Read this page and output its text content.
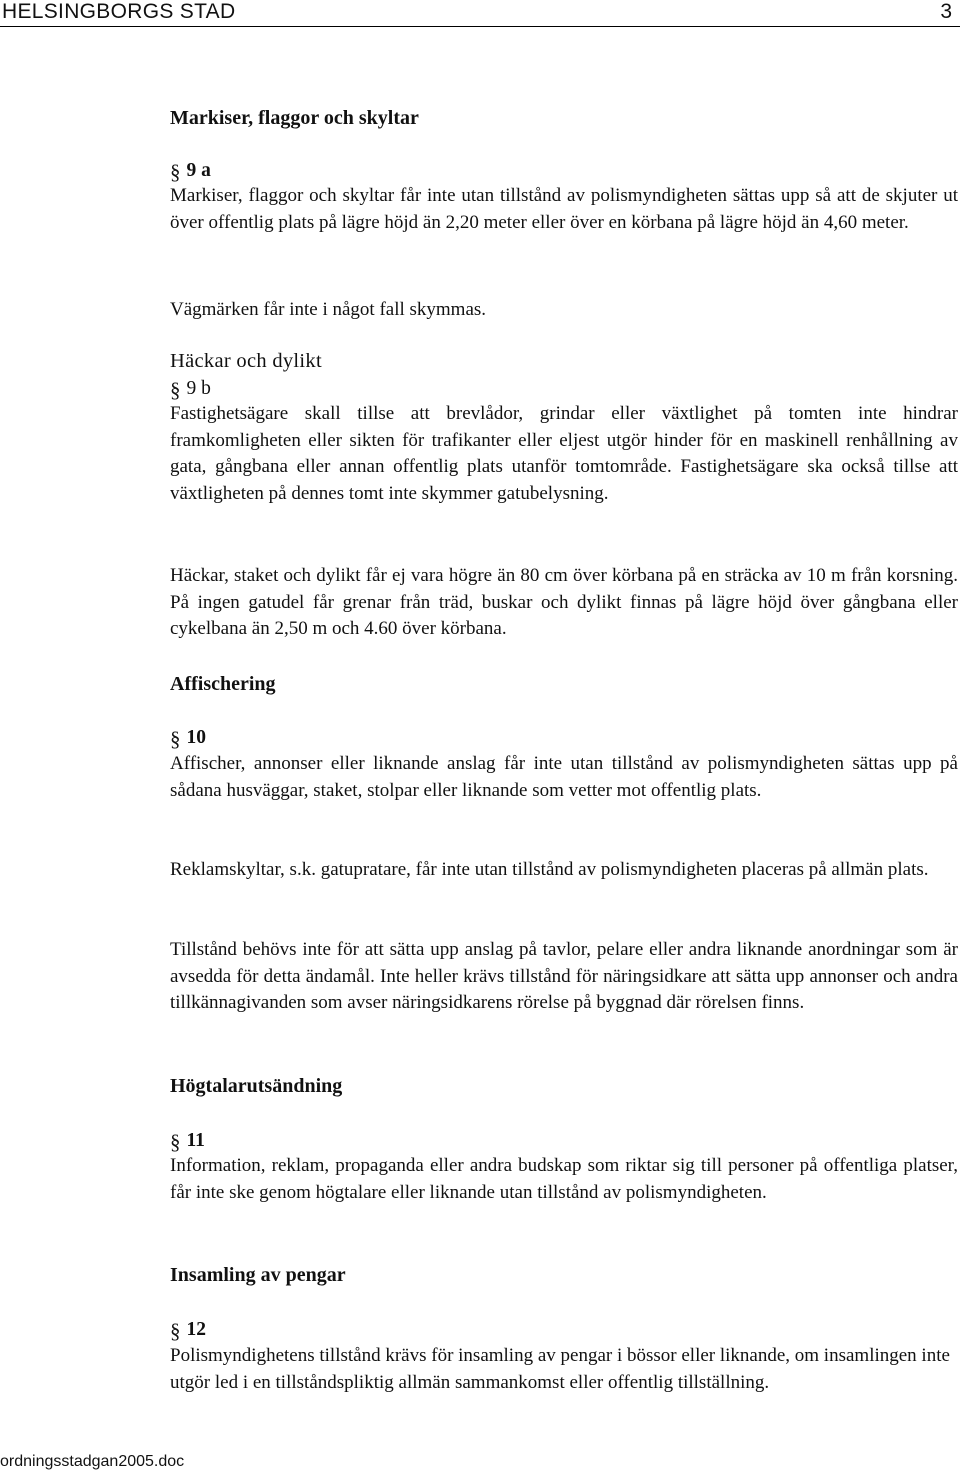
HELSINGBORGS STAD	3
Markiser, flaggor och skyltar
§ 9 a

Markiser, flaggor och skyltar får inte utan tillstånd av polismyndigheten sättas upp så att de skjuter ut över offentlig plats på lägre höjd än 2,20 meter eller över en körbana på lägre höjd än 4,60 meter.

Vägmärken får inte i något fall skymmas.

Häckar och dylikt
§ 9 b

Fastighetsägare skall tillse att brevlådor, grindar eller växtlighet på tomten inte hindrar framkomligheten eller sikten för trafikanter eller eljest utgör hinder för en maskinell renhållning av gata, gångbana eller annan offentlig plats utanför tomtområde. Fastighetsägare ska också tillse att växtligheten på dennes tomt inte skymmer gatubelysning.

Häckar, staket och dylikt får ej vara högre än 80 cm över körbana på en sträcka av 10 m från korsning. På ingen gatudel får grenar från träd, buskar och dylikt finnas på lägre höjd över gångbana eller cykelbana än 2,50 m och 4.60 över körbana.

Affischering
§ 10

Affischer, annonser eller liknande anslag får inte utan tillstånd av polismyndigheten sättas upp på sådana husväggar, staket, stolpar eller liknande som vetter mot offentlig plats.

Reklamskyltar, s.k. gatupratare, får inte utan tillstånd av polismyndigheten placeras på allmän plats.

Tillstånd behövs inte för att sätta upp anslag på tavlor, pelare eller andra liknande anordningar som är avsedda för detta ändamål. Inte heller krävs tillstånd för näringsidkare att sätta upp annonser och andra tillkännagivanden som avser näringsidkarens rörelse på byggnad där rörelsen finns.

Högtalarutsändning
§ 11

Information, reklam, propaganda eller andra budskap som riktar sig till personer på offentliga platser, får inte ske genom högtalare eller liknande utan tillstånd av polismyndigheten.

Insamling av pengar
§ 12

Polismyndighetens tillstånd krävs för insamling av pengar i bössor eller liknande, om insamlingen inte utgör led i en tillståndspliktig allmän sammankomst eller offentlig tillställning.

ordningsstadgan2005.doc
